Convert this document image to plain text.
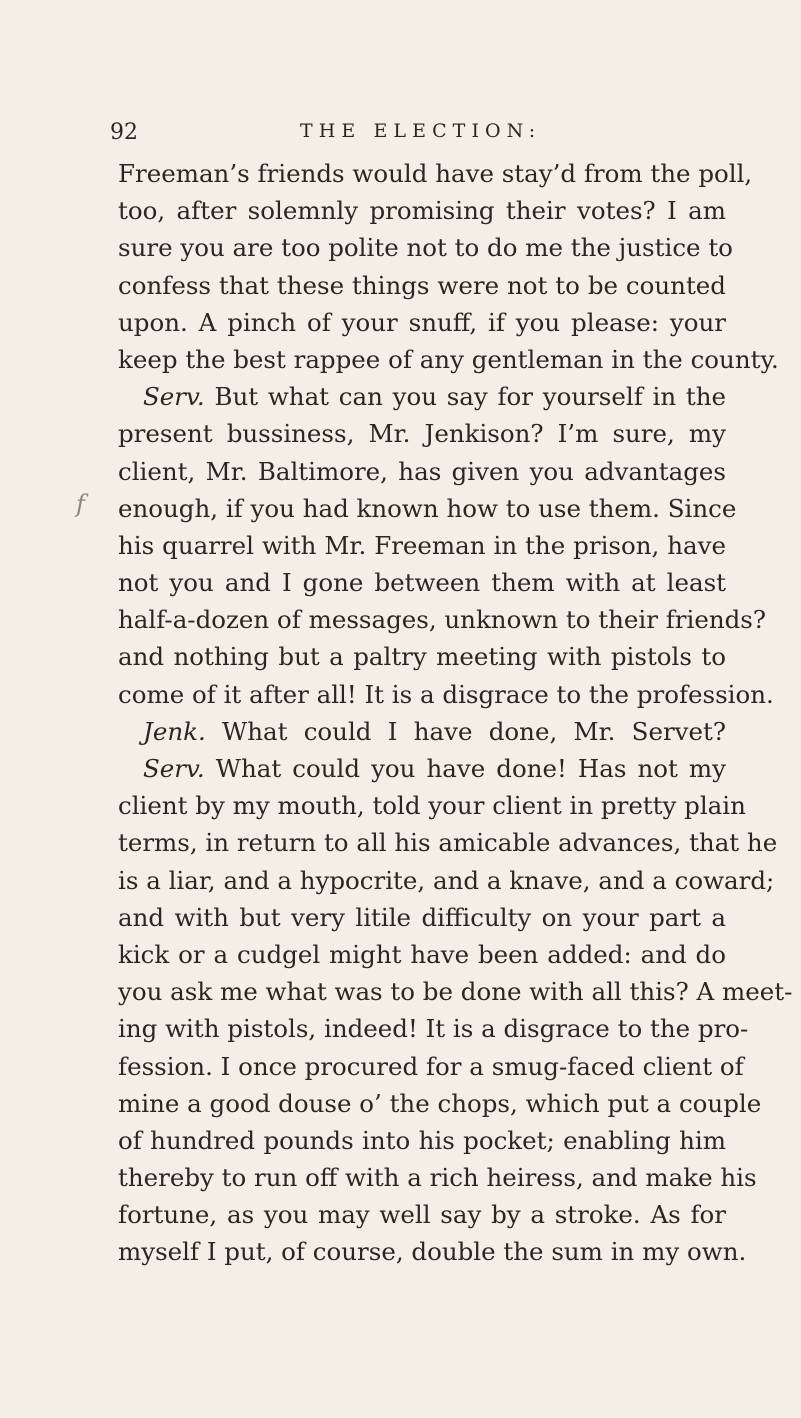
92	THE ELECTION:
f
Freeman’s friends would have stay’d from the poll,
too, after solemnly promising their votes? I am
sure you are too polite not to do me the justice to
confess that these things were not to be counted
upon. A pinch of your snuff, if you please: your
keep the best rappee of any gentleman in the county.
Serv. But what can you say for yourself in the
present bussiness, Mr. Jenkison? I’m sure, my
client, Mr. Baltimore, has given you advantages
enough, if you had known how to use them. Since
his quarrel with Mr. Freeman in the prison, have
not you and I gone between them with at least
half-a-dozen of messages, unknown to their friends?
and nothing but a paltry meeting with pistols to
come of it after all! It is a disgrace to the profession.
Jenk. What could I have done, Mr. Servet?
Serv. What could you have done! Has not my
client by my mouth, told your client in pretty plain
terms, in return to all his amicable advances, that he
is a liar, and a hypocrite, and a knave, and a coward;
and with but very litile difficulty on your part a
kick or a cudgel might have been added: and do
you ask me what was to be done with all this? A meet-
ing with pistols, indeed! It is a disgrace to the pro-
fession. I once procured for a smug-faced client of
mine a good douse o’ the chops, which put a couple
of hundred pounds into his pocket; enabling him
thereby to run off with a rich heiress, and make his
fortune, as you may well say by a stroke. As for
myself I put, of course, double the sum in my own.
